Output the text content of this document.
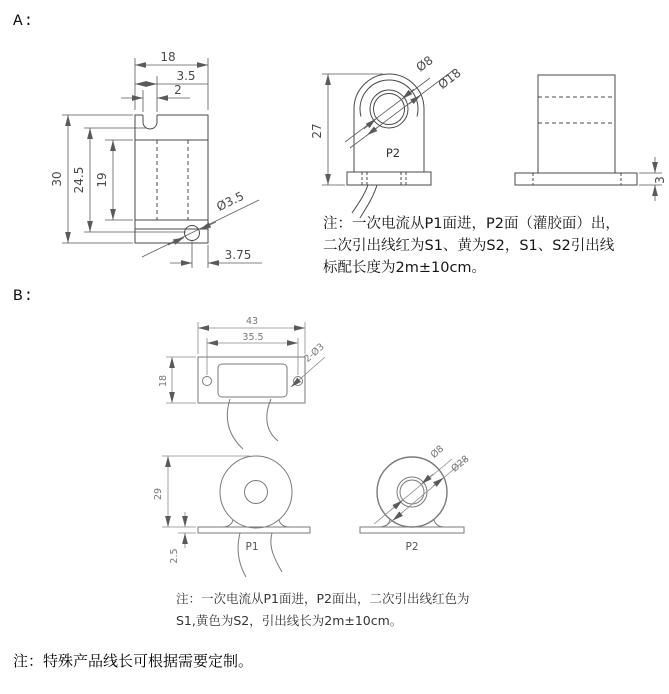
A:
B:
18
3.5
2
30 24.5 19
Ø3.5
3.75
P2
27
Ø8
Ø18
3
43
35.5
18
2-Ø3
P1
29
2.5
P2
Ø8
Ø28
注：一次电流从P1面进，P2面（灌胶面）出，
二次引出线红为S1、黄为S2，S1、S2引出线
标配长度为2m±10cm。
注：一次电流从P1面进，P2面出，二次引出线红色为
S1,黄色为S2，引出线长为2m±10cm。
注：特殊产品线长可根据需要定制。
